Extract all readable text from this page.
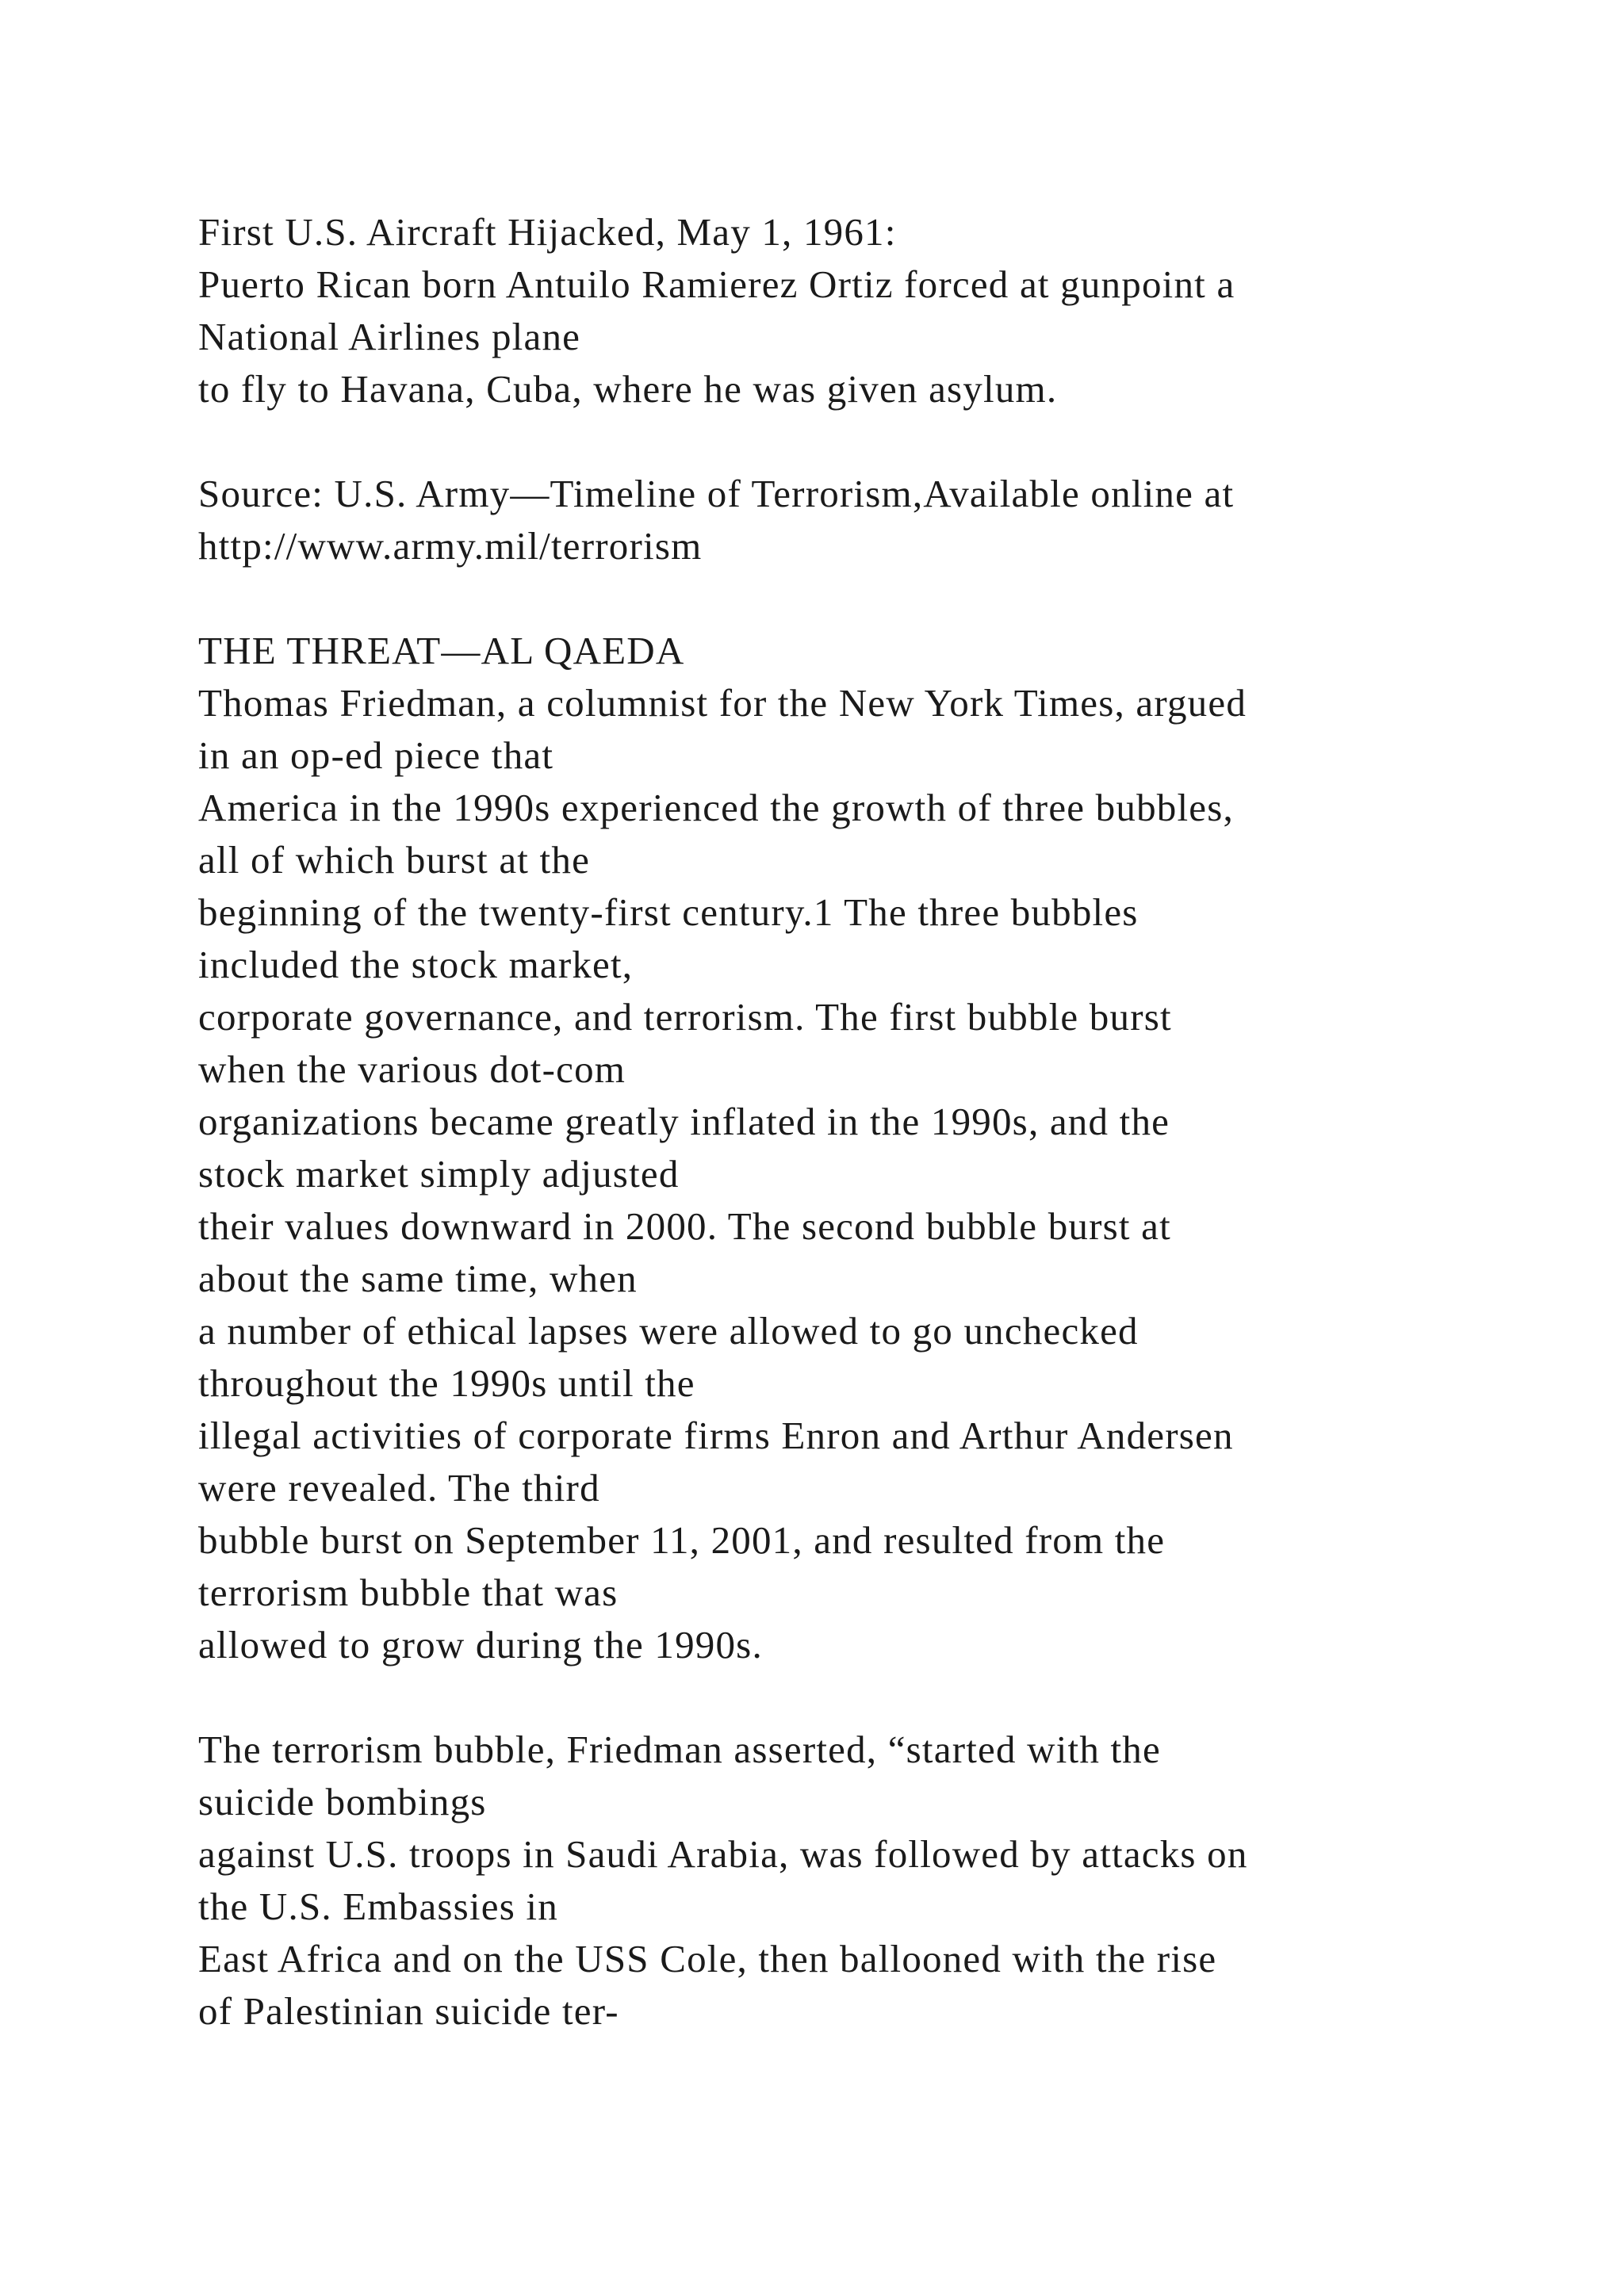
First U.S. Aircraft Hijacked, May 1, 1961:
Puerto Rican born Antuilo Ramierez Ortiz forced at gunpoint a
National Airlines plane
to fly to Havana, Cuba, where he was given asylum.
Source: U.S. Army—Timeline of Terrorism,Available online at
http://www.army.mil/terrorism
THE THREAT—AL QAEDA
Thomas Friedman, a columnist for the New York Times, argued
in an op-ed piece that
America in the 1990s experienced the growth of three bubbles,
all of which burst at the
beginning of the twenty-first century.1 The three bubbles
included the stock market,
corporate governance, and terrorism. The first bubble burst
when the various dot-com
organizations became greatly inflated in the 1990s, and the
stock market simply adjusted
their values downward in 2000. The second bubble burst at
about the same time, when
a number of ethical lapses were allowed to go unchecked
throughout the 1990s until the
illegal activities of corporate firms Enron and Arthur Andersen
were revealed. The third
bubble burst on September 11, 2001, and resulted from the
terrorism bubble that was
allowed to grow during the 1990s.
The terrorism bubble, Friedman asserted, “started with the
suicide bombings
against U.S. troops in Saudi Arabia, was followed by attacks on
the U.S. Embassies in
East Africa and on the USS Cole, then ballooned with the rise
of Palestinian suicide ter-
